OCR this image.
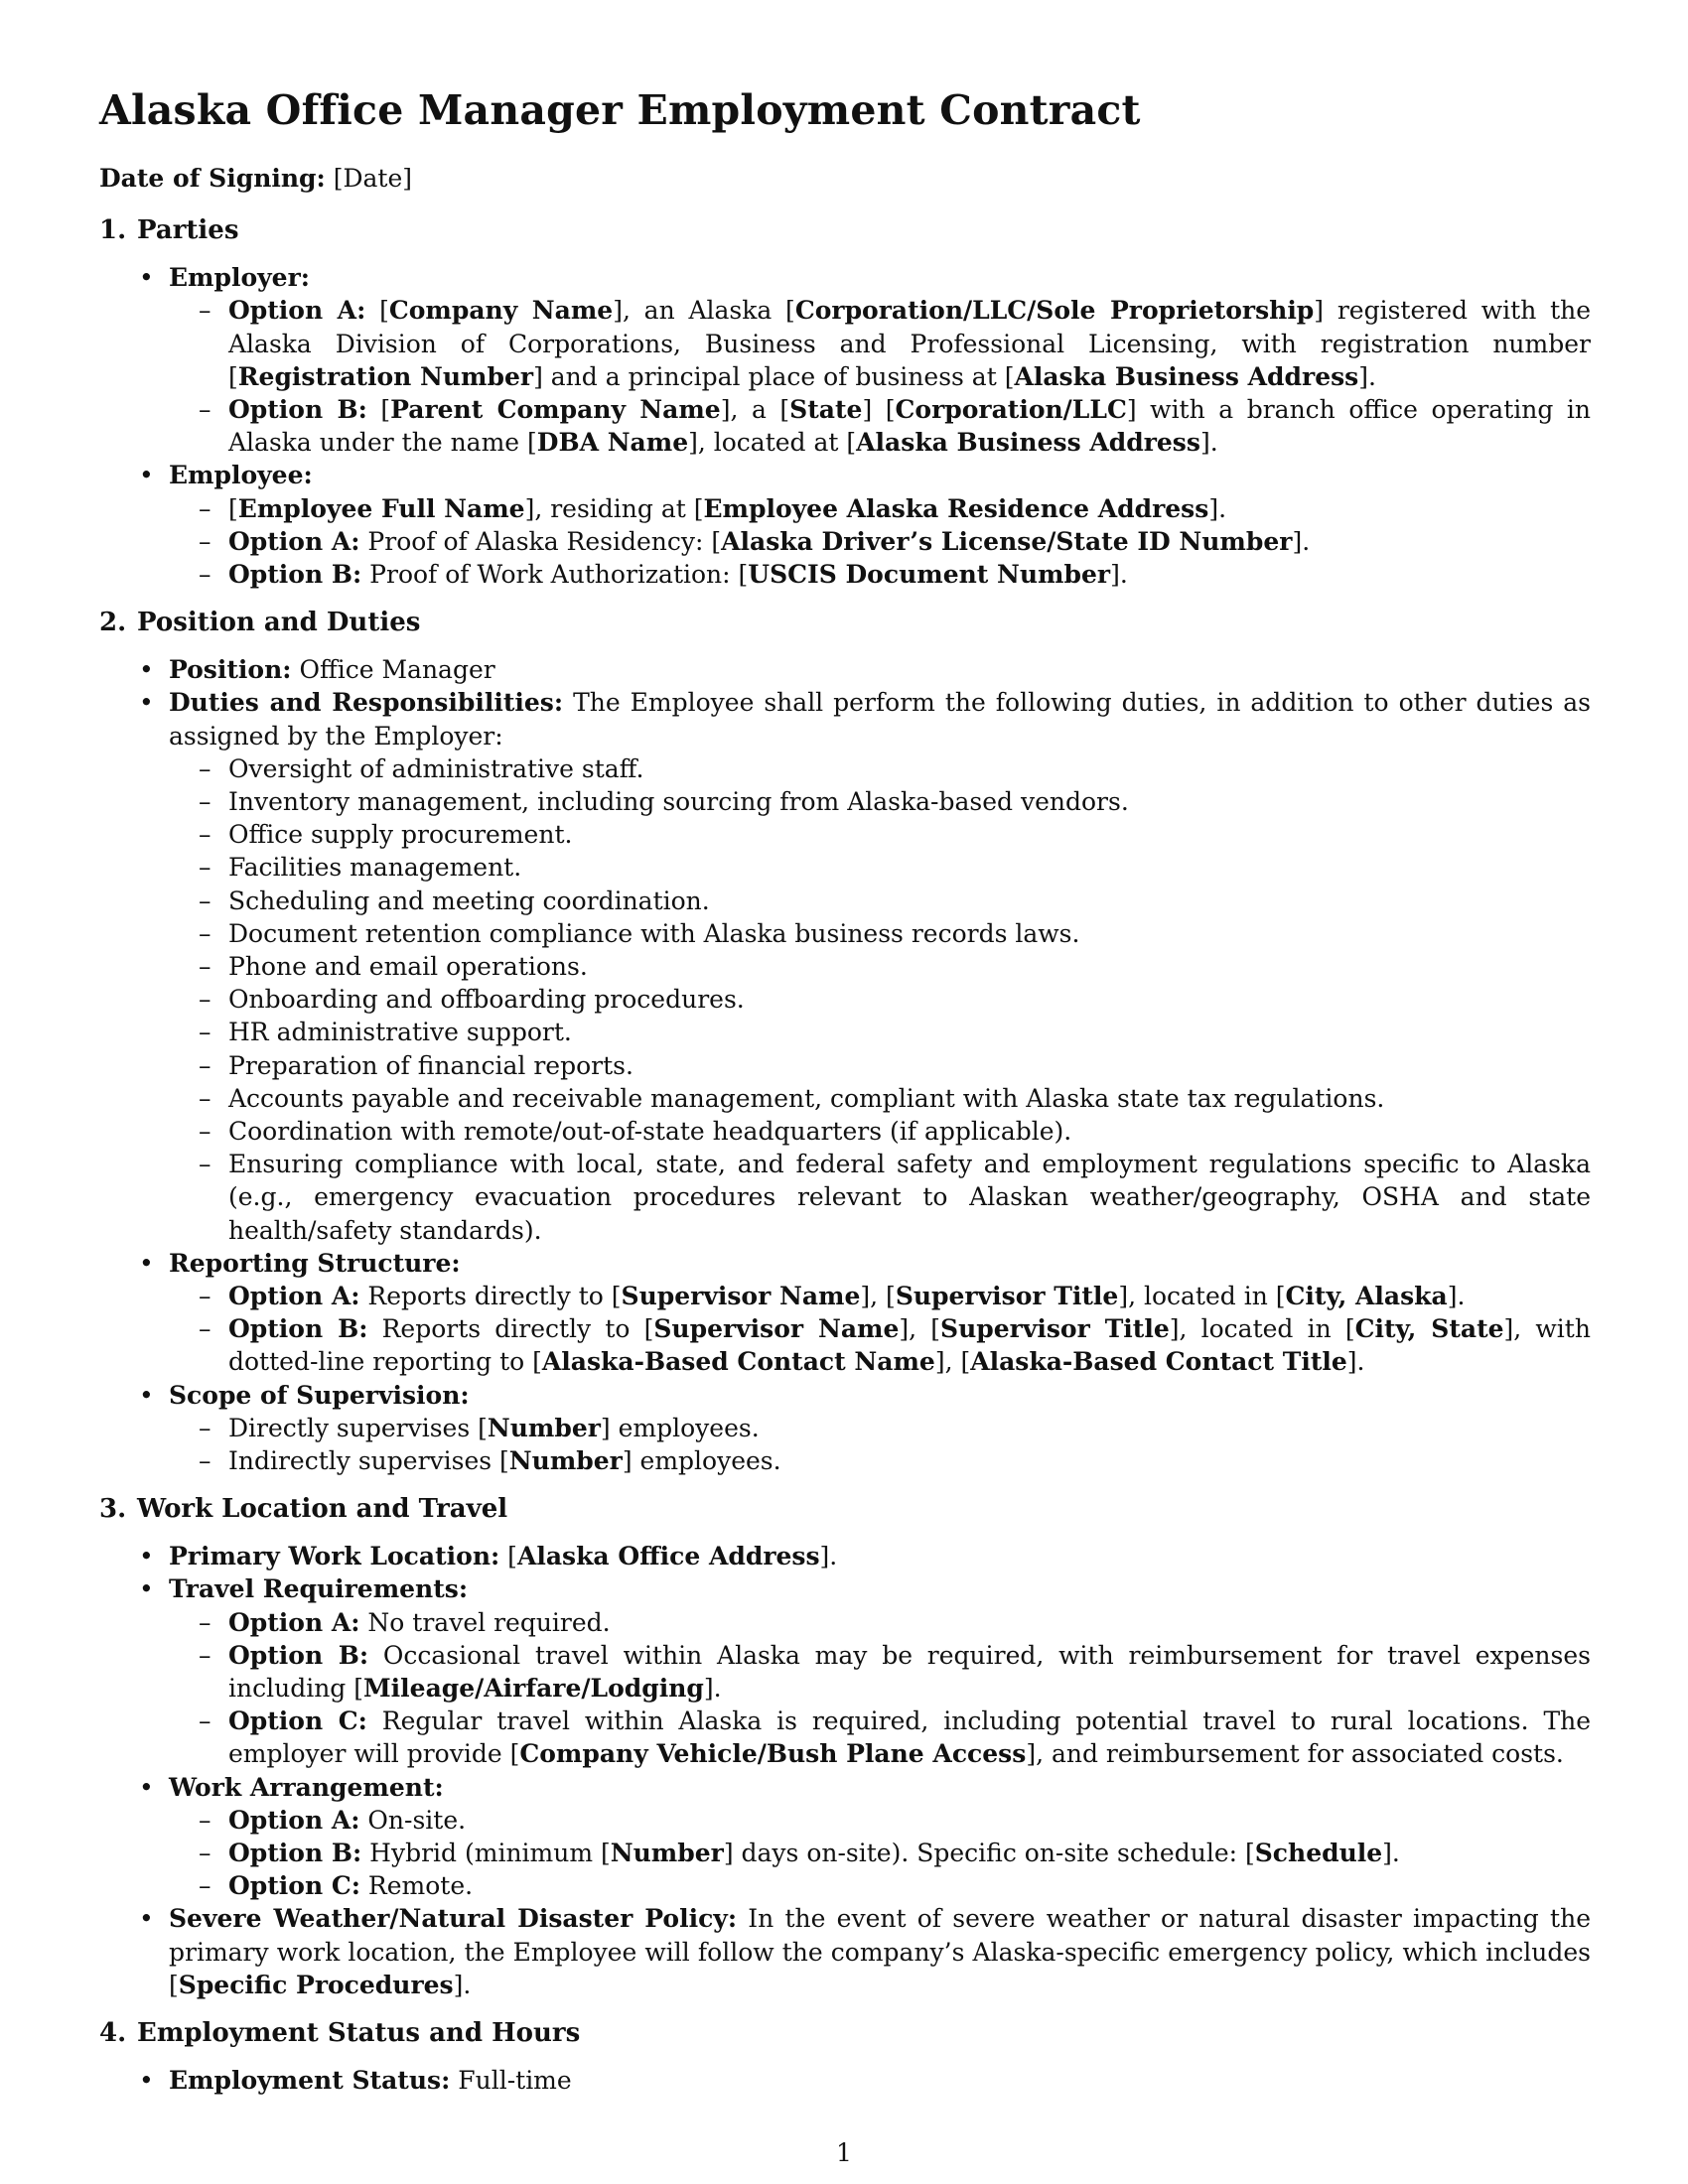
Alaska Office Manager Employment Contract

Date of Signing: [Date]

1. Parties
• Employer:
– Option A: [Company Name], an Alaska [Corporation/LLC/Sole Proprietorship] registered with the Alaska Division of Corporations, Business and Professional Licensing, with registration number [Registration Number] and a principal place of business at [Alaska Business Address].
– Option B: [Parent Company Name], a [State] [Corporation/LLC] with a branch office operating in Alaska under the name [DBA Name], located at [Alaska Business Address].
• Employee:
– [Employee Full Name], residing at [Employee Alaska Residence Address].
– Option A: Proof of Alaska Residency: [Alaska Driver’s License/State ID Number].
– Option B: Proof of Work Authorization: [USCIS Document Number].
2. Position and Duties
• Position: Office Manager
• Duties and Responsibilities: The Employee shall perform the following duties, in addition to other duties as assigned by the Employer:
– Oversight of administrative staff.
– Inventory management, including sourcing from Alaska-based vendors.
– Office supply procurement.
– Facilities management.
– Scheduling and meeting coordination.
– Document retention compliance with Alaska business records laws.
– Phone and email operations.
– Onboarding and offboarding procedures.
– HR administrative support.
– Preparation of financial reports.
– Accounts payable and receivable management, compliant with Alaska state tax regulations.
– Coordination with remote/out-of-state headquarters (if applicable).
– Ensuring compliance with local, state, and federal safety and employment regulations specific to Alaska (e.g., emergency evacuation procedures relevant to Alaskan weather/geography, OSHA and state health/safety standards).
• Reporting Structure:
– Option A: Reports directly to [Supervisor Name], [Supervisor Title], located in [City, Alaska].
– Option B: Reports directly to [Supervisor Name], [Supervisor Title], located in [City, State], with dotted-line reporting to [Alaska-Based Contact Name], [Alaska-Based Contact Title].
• Scope of Supervision:
– Directly supervises [Number] employees.
– Indirectly supervises [Number] employees.
3. Work Location and Travel
• Primary Work Location: [Alaska Office Address].
• Travel Requirements:
– Option A: No travel required.
– Option B: Occasional travel within Alaska may be required, with reimbursement for travel expenses including [Mileage/Airfare/Lodging].
– Option C: Regular travel within Alaska is required, including potential travel to rural locations. The employer will provide [Company Vehicle/Bush Plane Access], and reimbursement for associated costs.
• Work Arrangement:
– Option A: On-site.
– Option B: Hybrid (minimum [Number] days on-site). Specific on-site schedule: [Schedule].
– Option C: Remote.
• Severe Weather/Natural Disaster Policy: In the event of severe weather or natural disaster impacting the primary work location, the Employee will follow the company’s Alaska-specific emergency policy, which includes [Specific Procedures].
4. Employment Status and Hours
• Employment Status: Full-time
1
